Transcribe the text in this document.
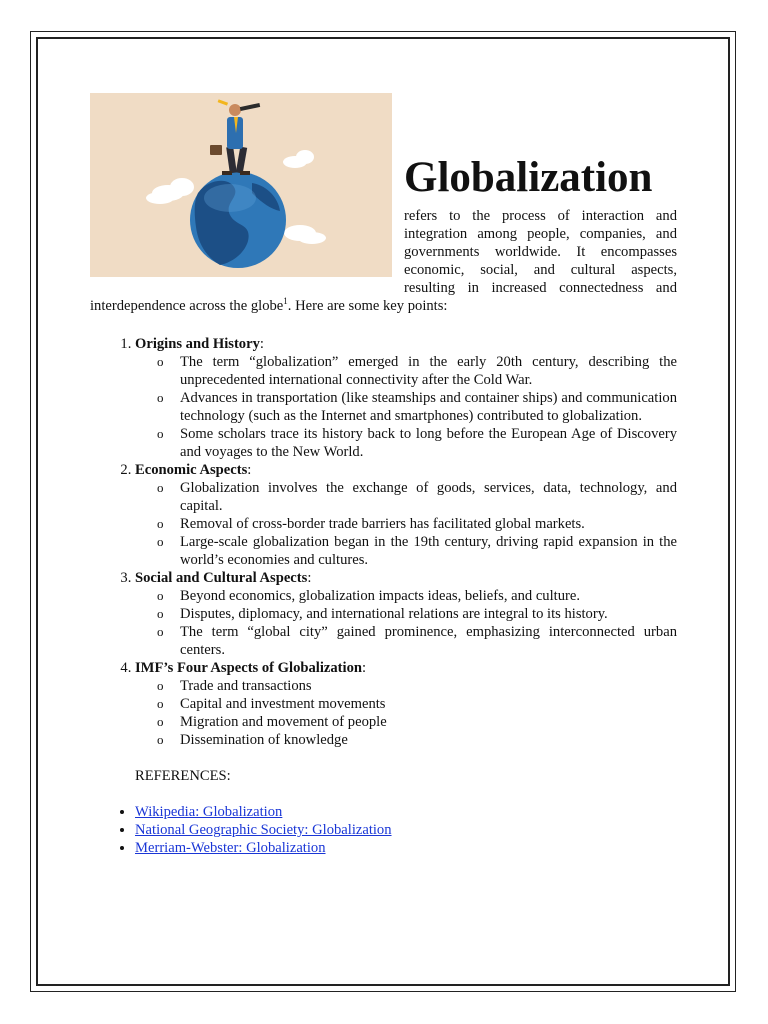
Globalization

refers to the process of interaction and integration among people, companies, and governments worldwide. It encompasses economic, social, and cultural aspects, resulting in increased connectedness and interdependence across the globe$^1$. Here are some key points:

1. Origins and History:
o The term “globalization” emerged in the early 20th century, describing the unprecedented international connectivity after the Cold War.
o Advances in transportation (like steamships and container ships) and communication technology (such as the Internet and smartphones) contributed to globalization.
o Some scholars trace its history back to long before the European Age of Discovery and voyages to the New World.
2. Economic Aspects:
o Globalization involves the exchange of goods, services, data, technology, and capital.
o Removal of cross-border trade barriers has facilitated global markets.
o Large-scale globalization began in the 19th century, driving rapid expansion in the world’s economies and cultures.
3. Social and Cultural Aspects:
o Beyond economics, globalization impacts ideas, beliefs, and culture.
o Disputes, diplomacy, and international relations are integral to its history.
o The term “global city” gained prominence, emphasizing interconnected urban centers.
4. IMF’s Four Aspects of Globalization:
o Trade and transactions
o Capital and investment movements
o Migration and movement of people
o Dissemination of knowledge
REFERENCES:
• Wikipedia: Globalization
• National Geographic Society: Globalization
• Merriam-Webster: Globalization
